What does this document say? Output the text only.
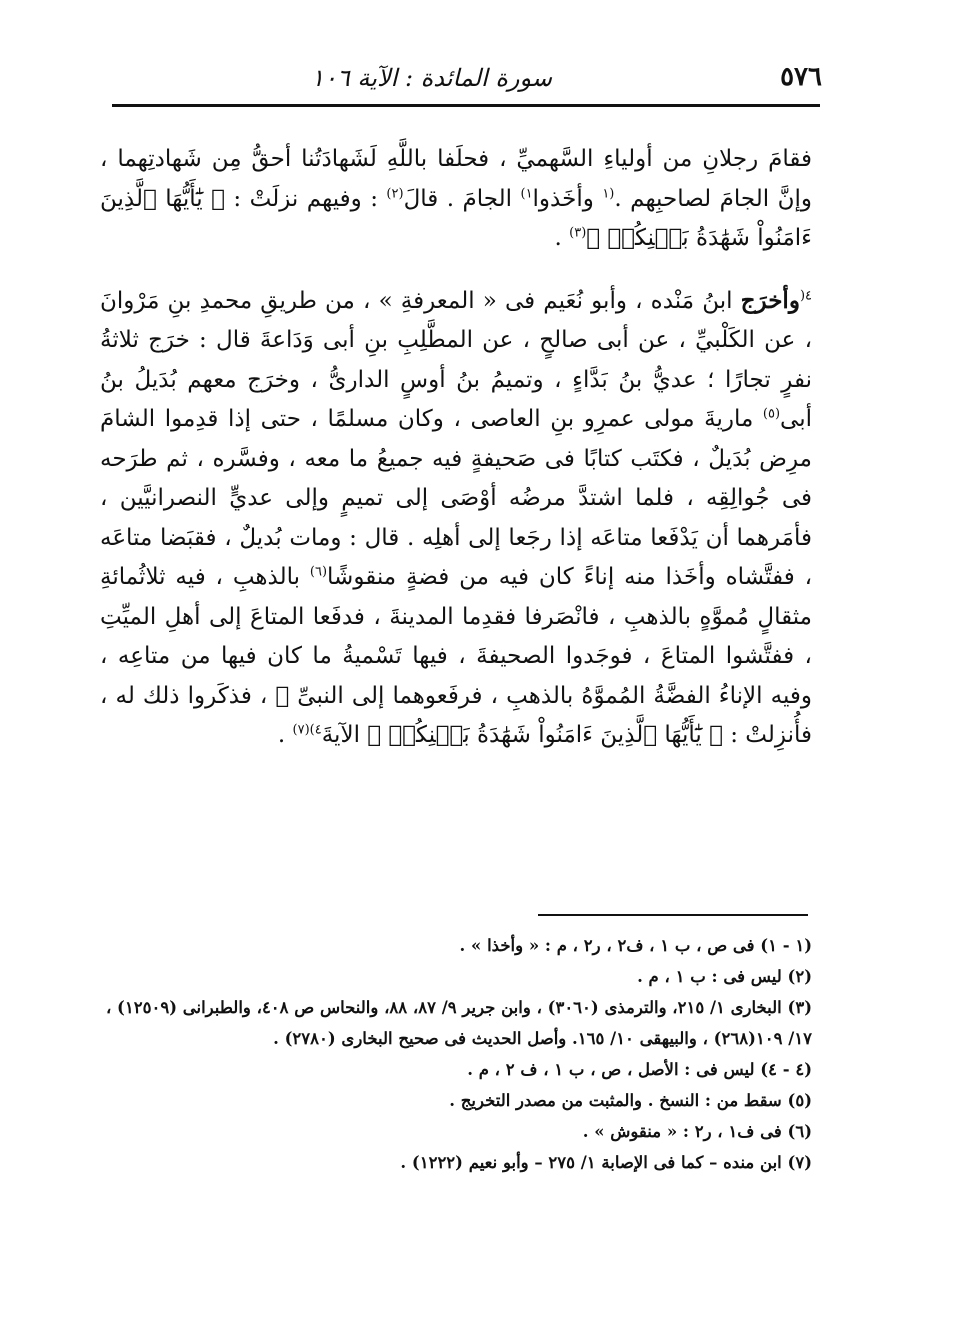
٥٧٦
سورة المائدة : الآية ١٠٦

فقامَ رجلانِ من أولياءِ السَّهميِّ ، فحلَفا باللَّهِ لَشَهادَتُنا أحقُّ مِن شَهادتِهما ، وإنَّ الجامَ لصاحبِهم .$^{(١}$ وأخَذوا$^{١)}$ الجامَ . قالَ$^{(٢)}$ : وفيهم نزلَتْ : ﴿ يَٰٓأَيُّهَا ٱلَّذِينَ ءَامَنُواْ شَهَٰدَةُ بَيۡنِكُمۡ ﴾$^{(٣)}$ .

$^{٤(}$وأخرَج ابنُ مَنْده ، وأبو نُعَيم فى « المعرفةِ » ، من طريقِ محمدِ بنِ مَرْوانَ ، عن الكَلْبيِّ ، عن أبى صالحٍ ، عن المطَّلِبِ بنِ أبى وَدَاعةَ قال : خرَج ثلاثةُ نفرٍ تجارًا ؛ عديُّ بنُ بَدَّاءٍ ، وتميمُ بنُ أوسٍ الدارىُّ ، وخرَج معهم بُدَيلُ بنُ أبى$^{(٥)}$ ماريةَ مولى عمرِو بنِ العاصى ، وكان مسلمًا ، حتى إذا قدِموا الشامَ مرِض بُدَيلٌ ، فكتَب كتابًا فى صَحيفةٍ فيه جميعُ ما معه ، وفسَّره ، ثم طرَحه فى جُوالِقِه ، فلما اشتدَّ مرضُه أوْصَى إلى تميمٍ وإلى عديٍّ النصرانيَّين ، فأمَرهما أن يَدْفَعا متاعَه إذا رجَعا إلى أهلِه . قال : ومات بُديلٌ ، فقبَضا متاعَه ، ففتَّشاه وأخَذا منه إناءً كان فيه من فضةٍ منقوشًا$^{(٦)}$ بالذهبِ ، فيه ثلاثُمائةِ مثقالٍ مُموَّهٍ بالذهبِ ، فانْصَرفا فقدِما المدينةَ ، فدفَعا المتاعَ إلى أهلِ الميِّتِ ، ففتَّشوا المتاعَ ، فوجَدوا الصحيفةَ ، فيها تَسْميةُ ما كان فيها من متاعِه ، وفيه الإناءُ الفضَّةُ المُموَّهُ بالذهبِ ، فرفَعوهما إلى النبىِّ ﷺ ، فذكَروا ذلك له ، فأُنزِلتْ : ﴿ يَٰٓأَيُّهَا ٱلَّذِينَ ءَامَنُواْ شَهَٰدَةُ بَيۡنِكُمۡ ﴾ الآيةَ$^{٤)(٧)}$ .

(١ - ١) فى ص ، ب ١ ، ف٢ ، ر٢ ، م : « وأخذا » .

(٢) ليس فى : ب ١ ، م .

(٣) البخارى ١/ ٢١٥، والترمذى (٣٠٦٠) ، وابن جرير ٩/ ٨٧، ٨٨، والنحاس ص ٤٠٨، والطبرانى (١٢٥٠٩) ، ١٧/ ١٠٩(٢٦٨) ، والبيهقى ١٠/ ١٦٥. وأصل الحديث فى صحيح البخارى (٢٧٨٠) .

(٤ - ٤) ليس فى : الأصل ، ص ، ب ١ ، ف ٢ ، م .

(٥) سقط من : النسخ . والمثبت من مصدر التخريج .

(٦) فى ف١ ، ر٢ : « منقوش » .

(٧) ابن منده – كما فى الإصابة ١/ ٢٧٥ – وأبو نعيم (١٢٢٢) .
